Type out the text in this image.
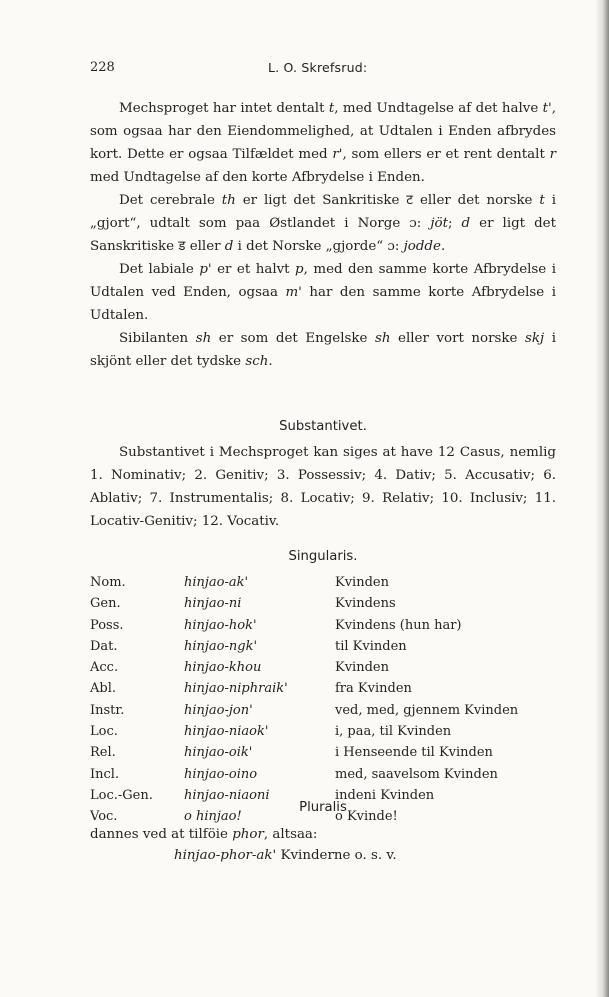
228	L. O. Skrefsrud:

Mechsproget har intet dentalt t, med Undtagelse af det halve t', som ogsaa har den Eiendommelighed, at Udtalen i Enden afbrydes kort. Dette er ogsaa Tilfældet med r', som ellers er et rent dentalt r med Undtagelse af den korte Afbrydelse i Enden.

Det cerebrale th er ligt det Sankritiske ट eller det norske t i „gjort“, udtalt som paa Østlandet i Norge ɔ: jöt; d er ligt det Sanskritiske ड eller d i det Norske „gjorde“ ɔ: jodde.

Det labiale p' er et halvt p, med den samme korte Afbrydelse i Udtalen ved Enden, ogsaa m' har den samme korte Afbrydelse i Udtalen.

Sibilanten sh er som det Engelske sh eller vort norske skj i skjönt eller det tydske sch.

Substantivet.

Substantivet i Mechsproget kan siges at have 12 Casus, nemlig 1. Nominativ; 2. Genitiv; 3. Possessiv; 4. Dativ; 5. Accusativ; 6. Ablativ; 7. Instrumentalis; 8. Locativ; 9. Relativ; 10. Inclusiv; 11. Locativ-Genitiv; 12. Vocativ.

Singularis.
Nom.	hinjao-ak'	Kvinden
Gen.	hinjao-ni	Kvindens
Poss.	hinjao-hok'	Kvindens (hun har)
Dat.	hinjao-ngk'	til Kvinden
Acc.	hinjao-khou	Kvinden
Abl.	hinjao-niphraik'	fra Kvinden
Instr.	hinjao-jon'	ved, med, gjennem Kvinden
Loc.	hinjao-niaok'	i, paa, til Kvinden
Rel.	hinjao-oik'	i Henseende til Kvinden
Incl.	hinjao-oino	med, saavelsom Kvinden
Loc.-Gen. hinjao-niaoni	indeni Kvinden
Voc.	o hinjao!	o Kvinde!
Pluralis
dannes ved at tilföie phor, altsaa:
hinjao-phor-ak' Kvinderne o. s. v.
